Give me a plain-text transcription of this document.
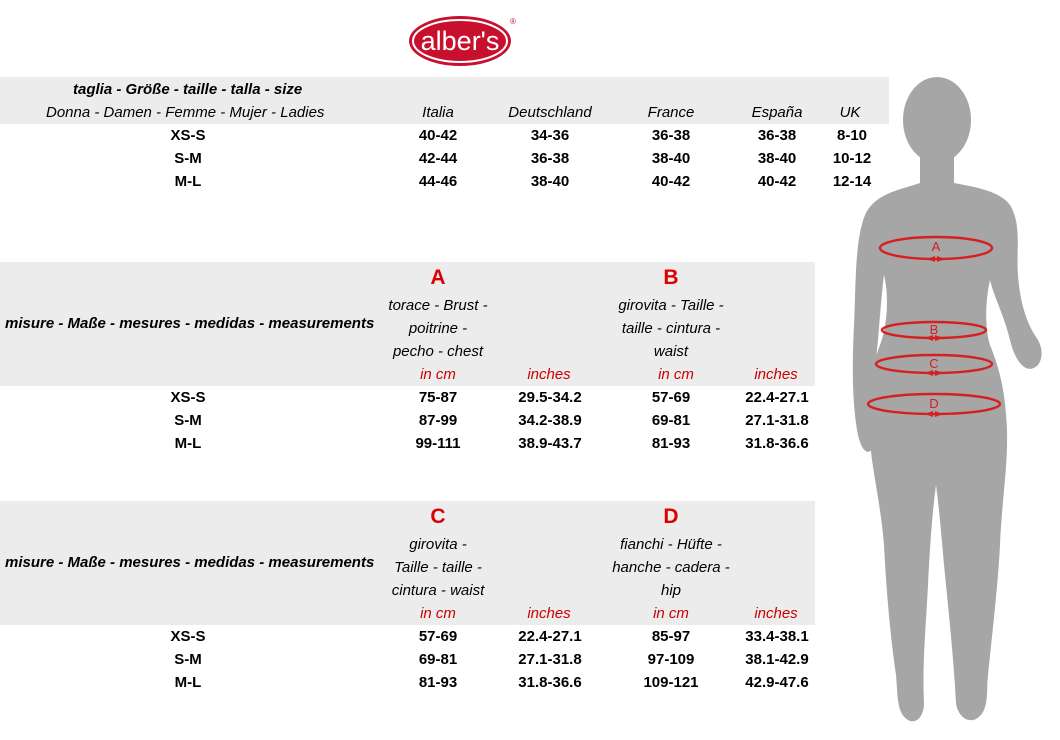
alber's
®
taglia - Größe - taille - talla - size
Donna - Damen - Femme - Mujer - Ladies	Italia	Deutschland	France	España UK
XS-S	40-42	34-36	36-38	36-38	8-10
S-M	42-44	36-38	38-40	38-40 10-12
M-L	44-46	38-40	40-42	40-42 12-14
misure - Maße - mesures - medidas - measurements
A	B
torace - Brust -
poitrine -
pecho - chest
girovita - Taille -
taille - cintura -
waist
in cm	inches	in cm	inches
XS-S	75-87	29.5-34.2	57-69	22.4-27.1
S-M	87-99	34.2-38.9	69-81	27.1-31.8
M-L	99-111	38.9-43.7	81-93	31.8-36.6
misure - Maße - mesures - medidas - measurements
C	D
girovita -
Taille - taille -
cintura - waist
fianchi - Hüfte -
hanche - cadera -
hip
in cm	inches	in cm	inches
XS-S	57-69	22.4-27.1	85-97	33.4-38.1
S-M	69-81	27.1-31.8	97-109	38.1-42.9
M-L	81-93	31.8-36.6	109-121	42.9-47.6
A
B
C
D
